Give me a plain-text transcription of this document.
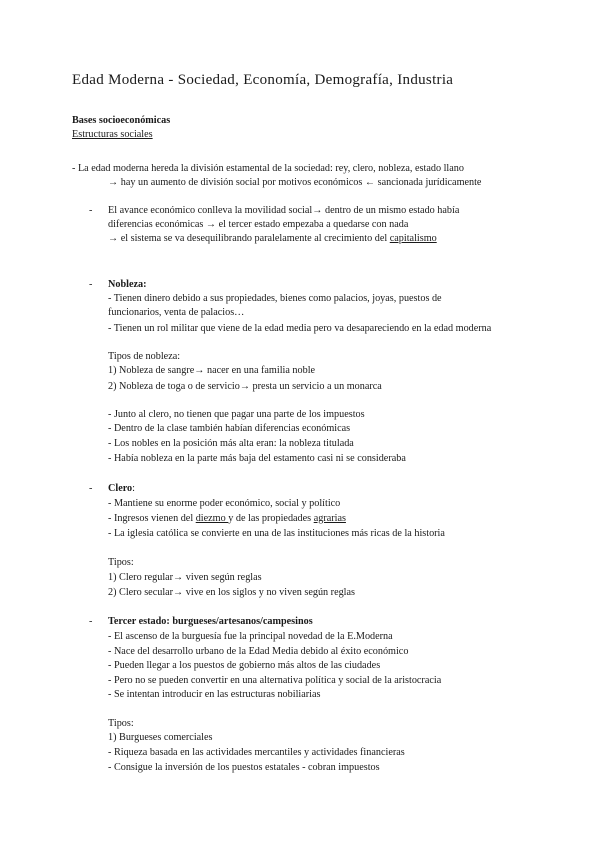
Edad Moderna - Sociedad, Economía, Demografía, Industria
Bases socioeconómicas
Estructuras sociales
- La edad moderna hereda la división estamental de la sociedad: rey, clero, nobleza, estado llano
→ hay un aumento de división social por motivos económicos ← sancionada jurídicamente
- El avance económico conlleva la movilidad social→ dentro de un mismo estado había
diferencias económicas → el tercer estado empezaba a quedarse con nada
→ el sistema se va desequilibrando paralelamente al crecimiento del capitalismo
- Nobleza:
- Tienen dinero debido a sus propiedades, bienes como palacios, joyas, puestos de
funcionarios, venta de palacios…
- Tienen un rol militar que viene de la edad media pero va desapareciendo en la edad moderna
Tipos de nobleza:
1) Nobleza de sangre→ nacer en una familia noble
2) Nobleza de toga o de servicio→ presta un servicio a un monarca
- Junto al clero, no tienen que pagar una parte de los impuestos
- Dentro de la clase también habían diferencias económicas
- Los nobles en la posición más alta eran: la nobleza titulada
- Había nobleza en la parte más baja del estamento casi ni se consideraba
- Clero:
- Mantiene su enorme poder económico, social y político
- Ingresos vienen del diezmo y de las propiedades agrarias
- La iglesia católica se convierte en una de las instituciones más ricas de la historia
Tipos:
1) Clero regular→ viven según reglas
2) Clero secular→ vive en los siglos y no viven según reglas
- Tercer estado: burgueses/artesanos/campesinos
- El ascenso de la burguesía fue la principal novedad de la E.Moderna
- Nace del desarrollo urbano de la Edad Media debido al éxito económico
- Pueden llegar a los puestos de gobierno más altos de las ciudades
- Pero no se pueden convertir en una alternativa política y social de la aristocracia
- Se intentan introducir en las estructuras nobiliarias
Tipos:
1) Burgueses comerciales
- Riqueza basada en las actividades mercantiles y actividades financieras
- Consigue la inversión de los puestos estatales - cobran impuestos
